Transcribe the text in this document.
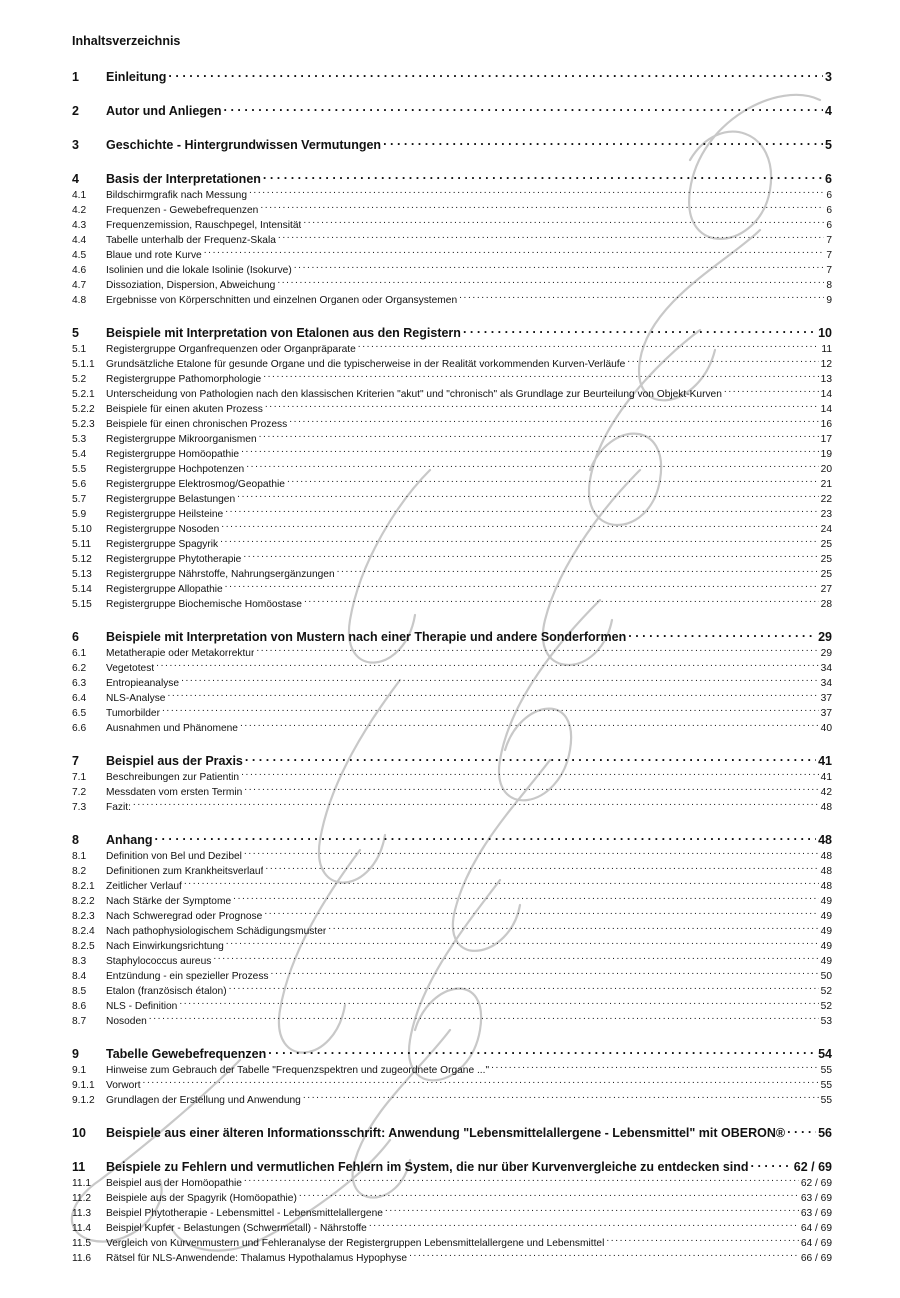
Inhaltsverzeichnis
1	Einleitung . . .	3
2	Autor und Anliegen . . .	4
3	Geschichte - Hintergrundwissen Vermutungen . . .	5
4	Basis der Interpretationen . . .	6
4.1	Bildschirmgrafik nach Messung .....	6
4.2	Frequenzen - Gewebefrequenzen .....	6
4.3	Frequenzemission, Rauschpegel, Intensität .....	6
4.4	Tabelle unterhalb der Frequenz-Skala .....	7
4.5	Blaue und rote Kurve .....	7
4.6	Isolinien und die lokale Isolinie (Isokurve) .....	7
4.7	Dissoziation, Dispersion, Abweichung .....	8
4.8	Ergebnisse von Körperschnitten und einzelnen Organen oder Organsystemen .....	9
5	Beispiele mit Interpretation von Etalonen aus den Registern . . .	10
5.1	Registergruppe Organfrequenzen oder Organpräparate .....	11
5.1.1	Grundsätzliche Etalone für gesunde Organe und die typischerweise in der Realität vorkommenden Kurven-Verläufe .....	12
5.2	Registergruppe Pathomorphologie .....	13
5.2.1	Unterscheidung von Pathologien nach den klassischen Kriterien "akut" und "chronisch" als Grundlage zur Beurteilung von Objekt-Kurven .....	14
5.2.2	Beispiele für einen akuten Prozess .....	14
5.2.3	Beispiele für einen chronischen Prozess .....	16
5.3	Registergruppe Mikroorganismen .....	17
5.4	Registergruppe Homöopathie .....	19
5.5	Registergruppe Hochpotenzen .....	20
5.6	Registergruppe Elektrosmog/Geopathie .....	21
5.7	Registergruppe Belastungen .....	22
5.9	Registergruppe Heilsteine .....	23
5.10	Registergruppe Nosoden .....	24
5.11	Registergruppe Spagyrik .....	25
5.12	Registergruppe Phytotherapie .....	25
5.13	Registergruppe Nährstoffe, Nahrungsergänzungen .....	25
5.14	Registergruppe Allopathie .....	27
5.15	Registergruppe Biochemische Homöostase .....	28
6	Beispiele mit Interpretation von Mustern nach einer Therapie und andere Sonderformen . . .	29
6.1	Metatherapie oder Metakorrektur .....	29
6.2	Vegetotest .....	34
6.3	Entropieanalyse .....	34
6.4	NLS-Analyse .....	37
6.5	Tumorbilder .....	37
6.6	Ausnahmen und Phänomene .....	40
7	Beispiel aus der Praxis . . .	41
7.1	Beschreibungen zur Patientin .....	41
7.2	Messdaten vom ersten Termin .....	42
7.3	Fazit: .....	48
8	Anhang . . .	48
8.1	Definition von Bel und Dezibel .....	48
8.2	Definitionen zum Krankheitsverlauf .....	48
8.2.1	Zeitlicher Verlauf .....	48
8.2.2	Nach Stärke der Symptome .....	49
8.2.3	Nach Schweregrad oder Prognose .....	49
8.2.4	Nach pathophysiologischem Schädigungsmuster .....	49
8.2.5	Nach Einwirkungsrichtung .....	49
8.3	Staphylococcus aureus .....	49
8.4	Entzündung - ein spezieller Prozess .....	50
8.5	Etalon (französisch étalon) .....	52
8.6	NLS - Definition .....	52
8.7	Nosoden .....	53
9	Tabelle Gewebefrequenzen . . .	54
9.1	Hinweise zum Gebrauch der Tabelle "Frequenzspektren und zugeordnete Organe ..." .....	55
9.1.1	Vorwort .....	55
9.1.2	Grundlagen der Erstellung und Anwendung .....	55
10	Beispiele aus einer älteren Informationsschrift: Anwendung "Lebensmittelallergene - Lebensmittel" mit OBERON® . . .	56
11	Beispiele zu Fehlern und vermutlichen Fehlern im System, die nur über Kurvenvergleiche zu entdecken sind . . .	62 / 69
11.1	Beispiel aus der Homöopathie .....	62 / 69
11.2	Beispiele aus der Spagyrik (Homöopathie) .....	63 / 69
11.3	Beispiel Phytotherapie - Lebensmittel - Lebensmittelallergene .....	63 / 69
11.4	Beispiel Kupfer - Belastungen (Schwermetall) - Nährstoffe .....	64 / 69
11.5	Vergleich von Kurvenmustern und Fehleranalyse der Registergruppen Lebensmittelallergene und Lebensmittel .....	64 / 69
11.6	Rätsel für NLS-Anwendende: Thalamus Hypothalamus Hypophyse .....	66 / 69
